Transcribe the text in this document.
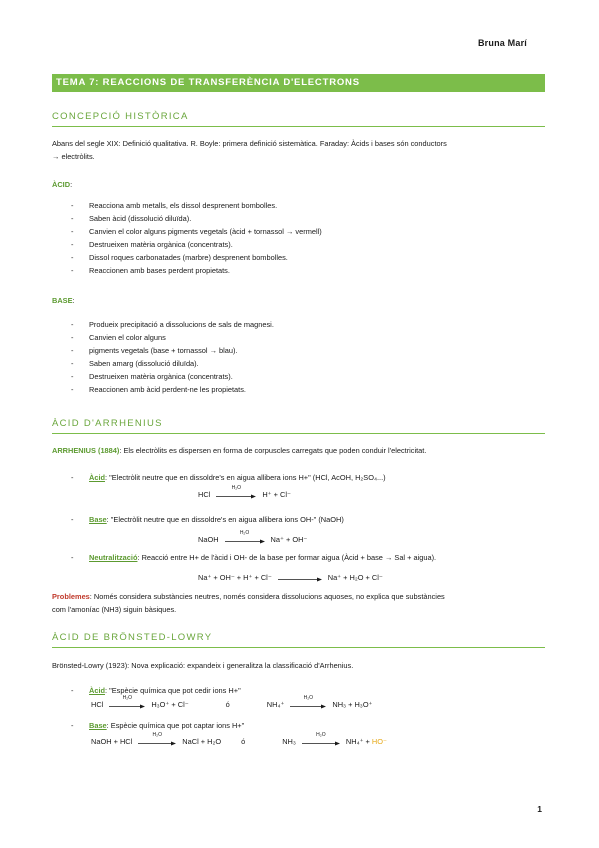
Bruna Marí
TEMA 7: REACCIONS DE TRANSFERÈNCIA D'ELECTRONS
CONCEPCIÓ HISTÒRICA
Abans del segle XIX: Definició qualitativa. R. Boyle: primera definició sistemàtica. Faraday: Àcids i bases són conductors
→ electròlits.
ÀCID:
- Reacciona amb metalls, els dissol desprenent bombolles.
- Saben àcid (dissolució diluïda).
- Canvien el color alguns pigments vegetals (àcid + tornassol → vermell)
- Destrueixen matèria orgànica (concentrats).
- Dissol roques carbonatades (marbre) desprenent bombolles.
- Reaccionen amb bases perdent propietats.
BASE:
- Produeix precipitació a dissolucions de sals de magnesi.
- Canvien el color alguns
- pigments vegetals (base + tornassol → blau).
- Saben amarg (dissolució diluïda).
- Destrueixen matèria orgànica (concentrats).
- Reaccionen amb àcid perdent-ne les propietats.
ÀCID D'ARRHENIUS
ARRHENIUS (1884): Els electròlits es dispersen en forma de corpuscles carregats que poden conduir l'electricitat.
- Àcid: "Electròlit neutre que en dissoldre's en aigua allibera ions H+" (HCl, AcOH, H₂SO₄...)
HCl
H₂O
H⁺ + Cl⁻
- Base: "Electròlit neutre que en dissoldre's en aigua allibera ions OH-" (NaOH)
NaOH
H₂O
Na⁺ + OH⁻
- Neutralització: Reacció entre H+ de l'àcid i OH- de la base per formar aigua (Àcid + base → Sal + aigua).
Na⁺ + OH⁻ + H⁺ + Cl⁻	Na⁺ + H₂O + Cl⁻
Problemes: Només considera substàncies neutres, només considera dissolucions aquoses, no explica que substàncies
com l'amoníac (NH3) siguin bàsiques.
ÀCID DE BRÖNSTED-LOWRY
Brönsted-Lowry (1923): Nova explicació: expandeix i generalitza la classificació d'Arrhenius.
- Àcid: "Espècie química que pot cedir ions H+"
HCl
H₂O
H₃O⁺ + Cl⁻	ó	NH₄⁺
H₂O
NH₃ + H₃O⁺
- Base: Espècie química que pot captar ions H+"
NaOH + HCl
H₂O
NaCl + H₂O	ó	NH₃
H₂O
NH₄⁺ + HO⁻
1
